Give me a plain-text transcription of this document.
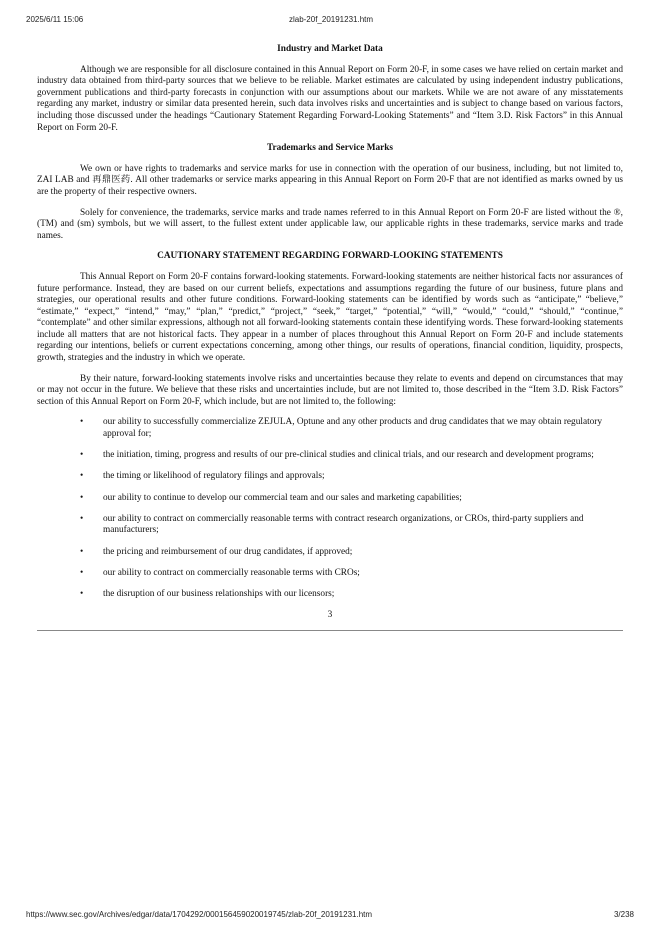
2025/6/11 15:06	zlab-20f_20191231.htm
Industry and Market Data

Although we are responsible for all disclosure contained in this Annual Report on Form 20-F, in some cases we have relied on certain market and industry data obtained from third-party sources that we believe to be reliable. Market estimates are calculated by using independent industry publications, government publications and third-party forecasts in conjunction with our assumptions about our markets. While we are not aware of any misstatements regarding any market, industry or similar data presented herein, such data involves risks and uncertainties and is subject to change based on various factors, including those discussed under the headings “Cautionary Statement Regarding Forward-Looking Statements” and “Item 3.D. Risk Factors” in this Annual Report on Form 20-F.

Trademarks and Service Marks

We own or have rights to trademarks and service marks for use in connection with the operation of our business, including, but not limited to, ZAI LAB and 再鼎医药. All other trademarks or service marks appearing in this Annual Report on Form 20-F that are not identified as marks owned by us are the property of their respective owners.

Solely for convenience, the trademarks, service marks and trade names referred to in this Annual Report on Form 20-F are listed without the ®, (TM) and (sm) symbols, but we will assert, to the fullest extent under applicable law, our applicable rights in these trademarks, service marks and trade names.

CAUTIONARY STATEMENT REGARDING FORWARD-LOOKING STATEMENTS

This Annual Report on Form 20-F contains forward-looking statements. Forward-looking statements are neither historical facts nor assurances of future performance. Instead, they are based on our current beliefs, expectations and assumptions regarding the future of our business, future plans and strategies, our operational results and other future conditions. Forward-looking statements can be identified by words such as “anticipate,” “believe,” “estimate,” “expect,” “intend,” “may,” “plan,” “predict,” “project,” “seek,” “target,” “potential,” “will,” “would,” “could,” “should,” “continue,” “contemplate” and other similar expressions, although not all forward-looking statements contain these identifying words. These forward-looking statements include all matters that are not historical facts. They appear in a number of places throughout this Annual Report on Form 20-F and include statements regarding our intentions, beliefs or current expectations concerning, among other things, our results of operations, financial condition, liquidity, prospects, growth, strategies and the industry in which we operate.

By their nature, forward-looking statements involve risks and uncertainties because they relate to events and depend on circumstances that may or may not occur in the future. We believe that these risks and uncertainties include, but are not limited to, those described in the “Item 3.D. Risk Factors” section of this Annual Report on Form 20-F, which include, but are not limited to, the following:

• our ability to successfully commercialize ZEJULA, Optune and any other products and drug candidates that we may obtain regulatory approval for;
• the initiation, timing, progress and results of our pre-clinical studies and clinical trials, and our research and development programs;
• the timing or likelihood of regulatory filings and approvals;
• our ability to continue to develop our commercial team and our sales and marketing capabilities;
• our ability to contract on commercially reasonable terms with contract research organizations, or CROs, third-party suppliers and manufacturers;
• the pricing and reimbursement of our drug candidates, if approved;
• our ability to contract on commercially reasonable terms with CROs;
• the disruption of our business relationships with our licensors;
3
https://www.sec.gov/Archives/edgar/data/1704292/000156459020019745/zlab-20f_20191231.htm	3/238
